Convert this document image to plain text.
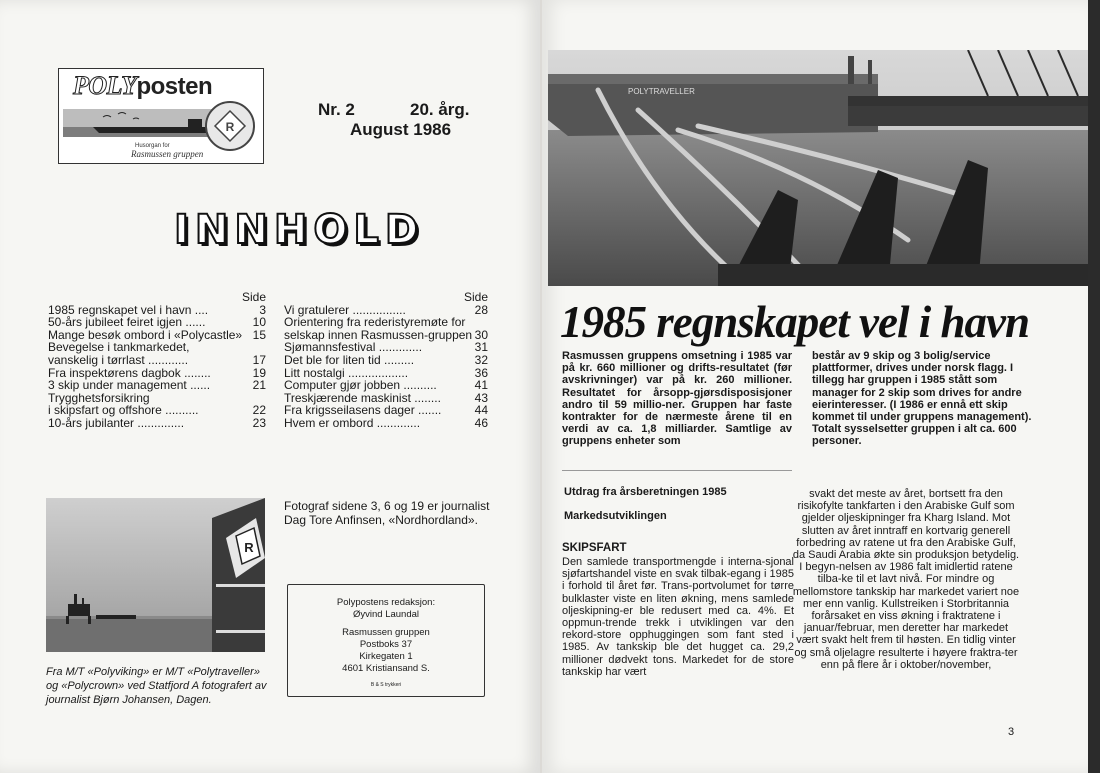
POLYposten
R
Husorgan for
Rasmussen gruppen
Nr. 2	20. årg.
August 1986
I N N H O L D
Side
1985 regnskapet vel i havn ....	3
50-års jubileet feiret igjen ......	10
Mange besøk ombord i «Polycastle» 15
Bevegelse i tankmarkedet,
vanskelig i tørrlast ............	17
Fra inspektørens dagbok ........	19
3 skip under management ......	21
Trygghetsforsikring
i skipsfart og offshore ..........	22
10-års jubilanter ..............	23
Side
Vi gratulerer ................	28
Orientering fra rederistyremøte for
selskap innen Rasmussen-gruppen 30
Sjømannsfestival .............	31
Det ble for liten tid .........	32
Litt nostalgi ..................	36
Computer gjør jobben ..........	41
Treskjærende maskinist ........	43
Fra krigsseilasens dager .......	44
Hvem er ombord .............	46
R
Fra M/T «Polyviking» er M/T «Polytraveller» og «Polycrown» ved Statfjord A fotografert av journalist Bjørn Johansen, Dagen.
Fotograf sidene 3, 6 og 19 er journalist Dag Tore Anfinsen, «Nordhordland».
Polypostens redaksjon:
Øyvind Laundal
Rasmussen gruppen
Postboks 37
Kirkegaten 1
4601 Kristiansand S.
B & S trykkeri
POLYTRAVELLER
1985 regnskapet vel i havn
Rasmussen gruppens omsetning i 1985 var på kr. 660 millioner og drifts-resultatet (før avskrivninger) var på kr. 260 millioner. Resultatet for årsopp-gjørsdisposisjoner andro til 59 millio-ner. Gruppen har faste kontrakter for de nærmeste årene til en verdi av ca. 1,8 milliarder. Samtlige av gruppens enheter som
består av 9 skip og 3 bolig/service plattformer, drives under norsk flagg. I tillegg har gruppen i 1985 stått som manager for 2 skip som drives for andre eierinteresser. (I 1986 er ennå ett skip kommet til under gruppens management). Totalt sysselsetter gruppen i alt ca. 600 personer.
Utdrag fra årsberetningen 1985
Markedsutviklingen
SKIPSFART
Den samlede transportmengde i interna-sjonal sjøfartshandel viste en svak tilbak-egang i 1985 i forhold til året før. Trans-portvolumet for tørre bulklaster viste en liten økning, mens samlede oljeskipning-er ble redusert med ca. 4%. Et oppmun-trende trekk i utviklingen var den rekord-store opphuggingen som fant sted i 1985. Av tankskip ble det hugget ca. 29,2 millioner dødvekt tons. Markedet for de store tankskip har vært
svakt det meste av året, bortsett fra den risikofylte tankfarten i den Arabiske Gulf som gjelder oljeskipninger fra Kharg Island. Mot slutten av året inntraff en kortvarig generell forbedring av ratene ut fra den Arabiske Gulf, da Saudi Arabia økte sin produksjon betydelig. I begyn-nelsen av 1986 falt imidlertid ratene tilba-ke til et lavt nivå. For mindre og mellomstore tankskip har markedet variert noe mer enn vanlig. Kullstreiken i Storbritannia forårsaket en viss økning i fraktratene i januar/februar, men deretter har markedet vært svakt helt frem til høsten. En tidlig vinter og små oljelagre resulterte i høyere fraktra-ter enn på flere år i oktober/november,
3
